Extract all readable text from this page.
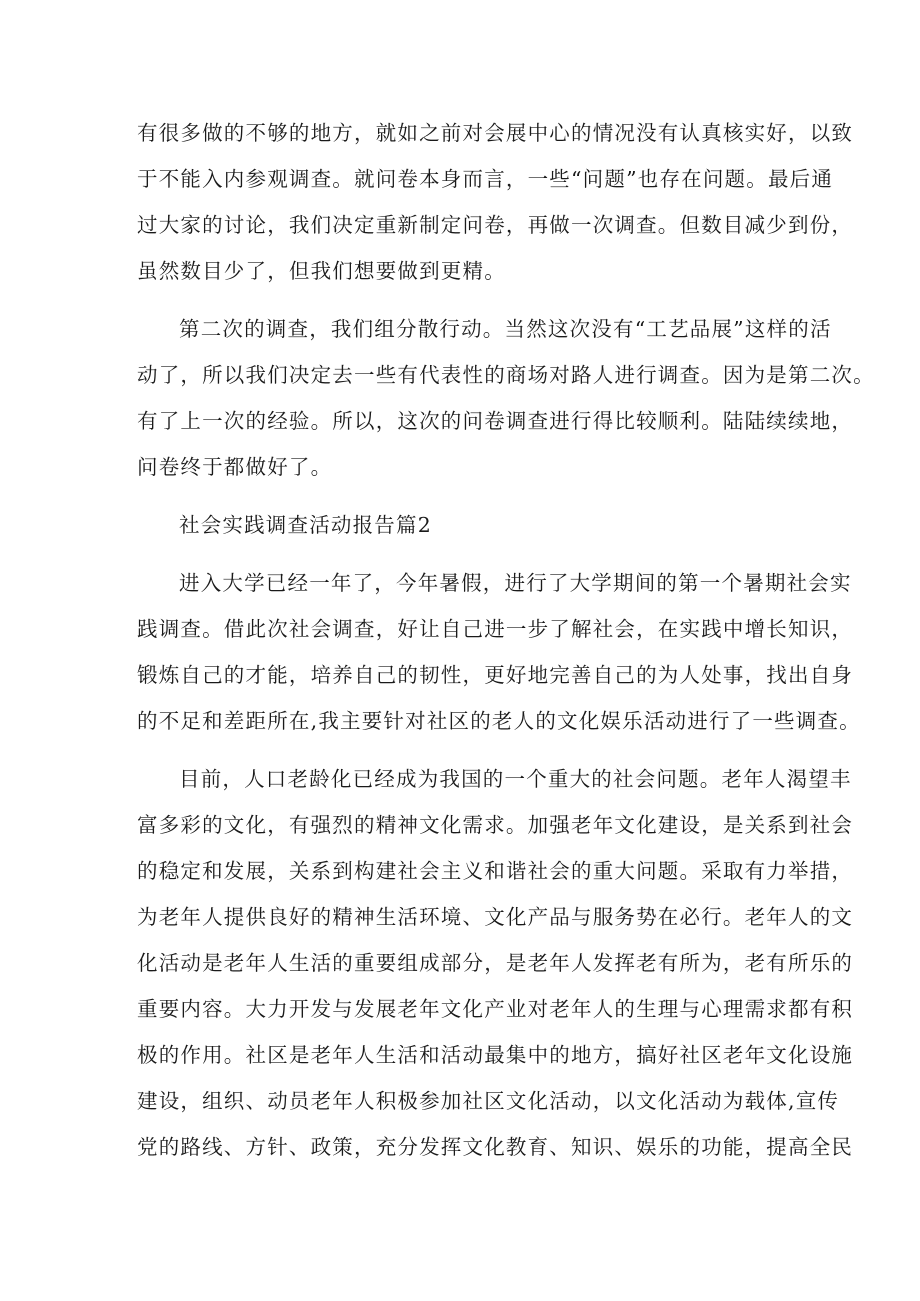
有很多做的不够的地方，就如之前对会展中心的情况没有认真核实好，以致
于不能入内参观调查。就问卷本身而言，一些“问题”也存在问题。最后通
过大家的讨论，我们决定重新制定问卷，再做一次调查。但数目减少到份，
虽然数目少了，但我们想要做到更精。
第二次的调查，我们组分散行动。当然这次没有“工艺品展”这样的活
动了，所以我们决定去一些有代表性的商场对路人进行调查。因为是第二次。
有了上一次的经验。所以，这次的问卷调查进行得比较顺利。陆陆续续地，
问卷终于都做好了。
社会实践调查活动报告篇2
进入大学已经一年了，今年暑假，进行了大学期间的第一个暑期社会实
践调查。借此次社会调查，好让自己进一步了解社会，在实践中增长知识，
锻炼自己的才能，培养自己的韧性，更好地完善自己的为人处事，找出自身
的不足和差距所在,我主要针对社区的老人的文化娱乐活动进行了一些调查。
目前，人口老龄化已经成为我国的一个重大的社会问题。老年人渴望丰
富多彩的文化，有强烈的精神文化需求。加强老年文化建设，是关系到社会
的稳定和发展，关系到构建社会主义和谐社会的重大问题。采取有力举措，
为老年人提供良好的精神生活环境、文化产品与服务势在必行。老年人的文
化活动是老年人生活的重要组成部分，是老年人发挥老有所为，老有所乐的
重要内容。大力开发与发展老年文化产业对老年人的生理与心理需求都有积
极的作用。社区是老年人生活和活动最集中的地方，搞好社区老年文化设施
建设，组织、动员老年人积极参加社区文化活动，以文化活动为载体,宣传
党的路线、方针、政策，充分发挥文化教育、知识、娱乐的功能，提高全民
